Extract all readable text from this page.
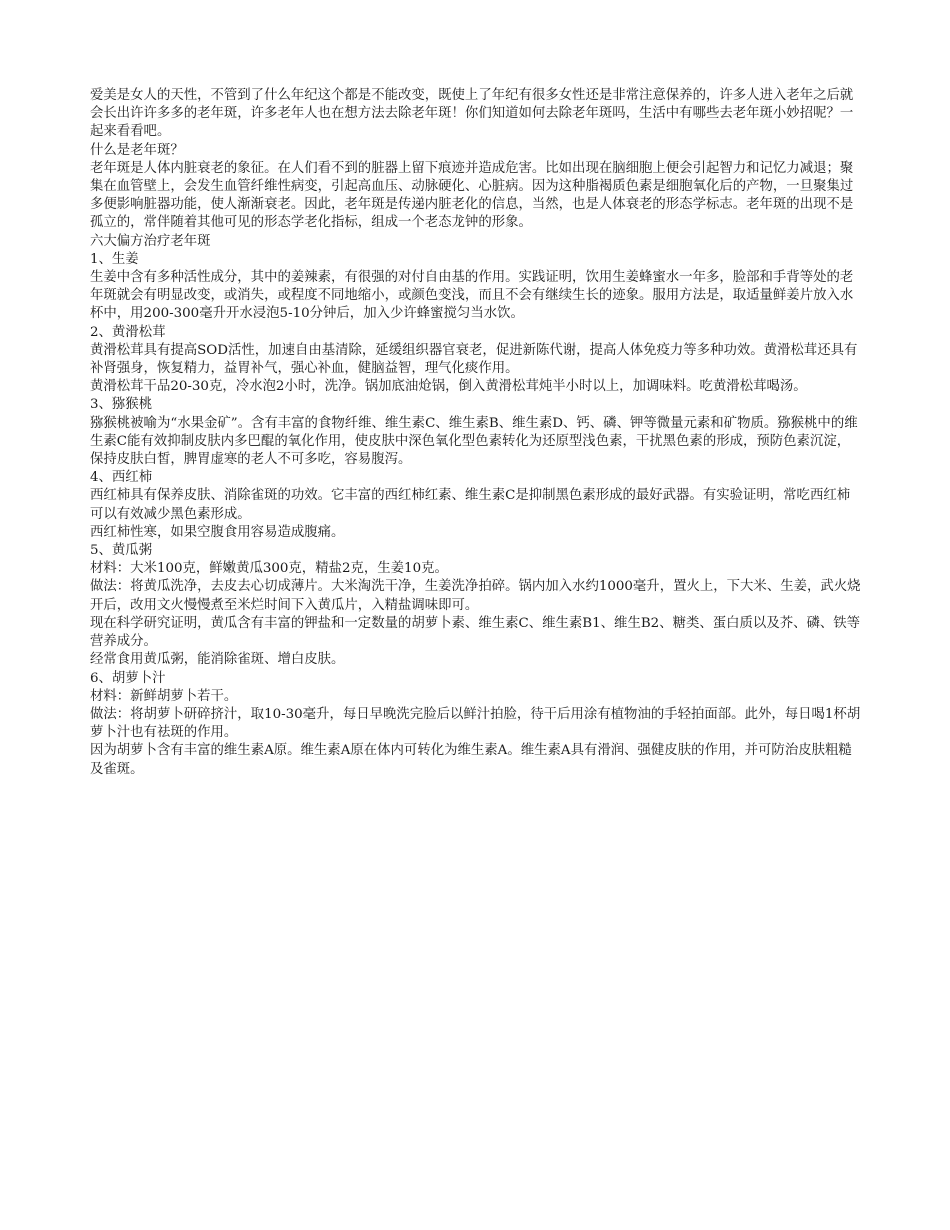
爱美是女人的天性，不管到了什么年纪这个都是不能改变，既使上了年纪有很多女性还是非常注意保养的，许多人进入老年之后就会长出许许多多的老年斑，许多老年人也在想方法去除老年斑！你们知道如何去除老年斑吗，生活中有哪些去老年斑小妙招呢？一起来看看吧。

什么是老年斑？

老年斑是人体内脏衰老的象征。在人们看不到的脏器上留下痕迹并造成危害。比如出现在脑细胞上便会引起智力和记忆力减退；聚集在血管壁上，会发生血管纤维性病变，引起高血压、动脉硬化、心脏病。因为这种脂褐质色素是细胞氧化后的产物，一旦聚集过多便影响脏器功能，使人渐渐衰老。因此，老年斑是传递内脏老化的信息，当然，也是人体衰老的形态学标志。老年斑的出现不是孤立的，常伴随着其他可见的形态学老化指标，组成一个老态龙钟的形象。

六大偏方治疗老年斑

1、生姜

生姜中含有多种活性成分，其中的姜辣素，有很强的对付自由基的作用。实践证明，饮用生姜蜂蜜水一年多，脸部和手背等处的老年斑就会有明显改变，或消失，或程度不同地缩小，或颜色变浅，而且不会有继续生长的迹象。服用方法是，取适量鲜姜片放入水杯中，用200-300毫升开水浸泡5-10分钟后，加入少许蜂蜜搅匀当水饮。

2、黄滑松茸

黄滑松茸具有提高SOD活性，加速自由基清除，延缓组织器官衰老，促进新陈代谢，提高人体免疫力等多种功效。黄滑松茸还具有补肾强身，恢复精力，益胃补气，强心补血，健脑益智，理气化痰作用。

黄滑松茸干品20-30克，冷水泡2小时，洗净。锅加底油炝锅，倒入黄滑松茸炖半小时以上，加调味料。吃黄滑松茸喝汤。

3、猕猴桃

猕猴桃被喻为“水果金矿”。含有丰富的食物纤维、维生素C、维生素B、维生素D、钙、磷、钾等微量元素和矿物质。猕猴桃中的维生素C能有效抑制皮肤内多巴醌的氧化作用，使皮肤中深色氧化型色素转化为还原型浅色素，干扰黑色素的形成，预防色素沉淀，保持皮肤白皙，脾胃虚寒的老人不可多吃，容易腹泻。

4、西红柿

西红柿具有保养皮肤、消除雀斑的功效。它丰富的西红柿红素、维生素C是抑制黑色素形成的最好武器。有实验证明，常吃西红柿可以有效减少黑色素形成。

西红柿性寒，如果空腹食用容易造成腹痛。

5、黄瓜粥

材料：大米100克，鲜嫩黄瓜300克，精盐2克，生姜10克。

做法：将黄瓜洗净，去皮去心切成薄片。大米淘洗干净，生姜洗净拍碎。锅内加入水约1000毫升，置火上，下大米、生姜，武火烧开后，改用文火慢慢煮至米烂时间下入黄瓜片，入精盐调味即可。

现在科学研究证明，黄瓜含有丰富的钾盐和一定数量的胡萝卜素、维生素C、维生素B1、维生B2、糖类、蛋白质以及芥、磷、铁等营养成分。

经常食用黄瓜粥，能消除雀斑、增白皮肤。

6、胡萝卜汁

材料：新鲜胡萝卜若干。

做法：将胡萝卜研碎挤汁，取10-30毫升，每日早晚洗完脸后以鲜汁拍脸，待干后用涂有植物油的手轻拍面部。此外，每日喝1杯胡萝卜汁也有祛斑的作用。

因为胡萝卜含有丰富的维生素A原。维生素A原在体内可转化为维生素A。维生素A具有滑润、强健皮肤的作用，并可防治皮肤粗糙及雀斑。
